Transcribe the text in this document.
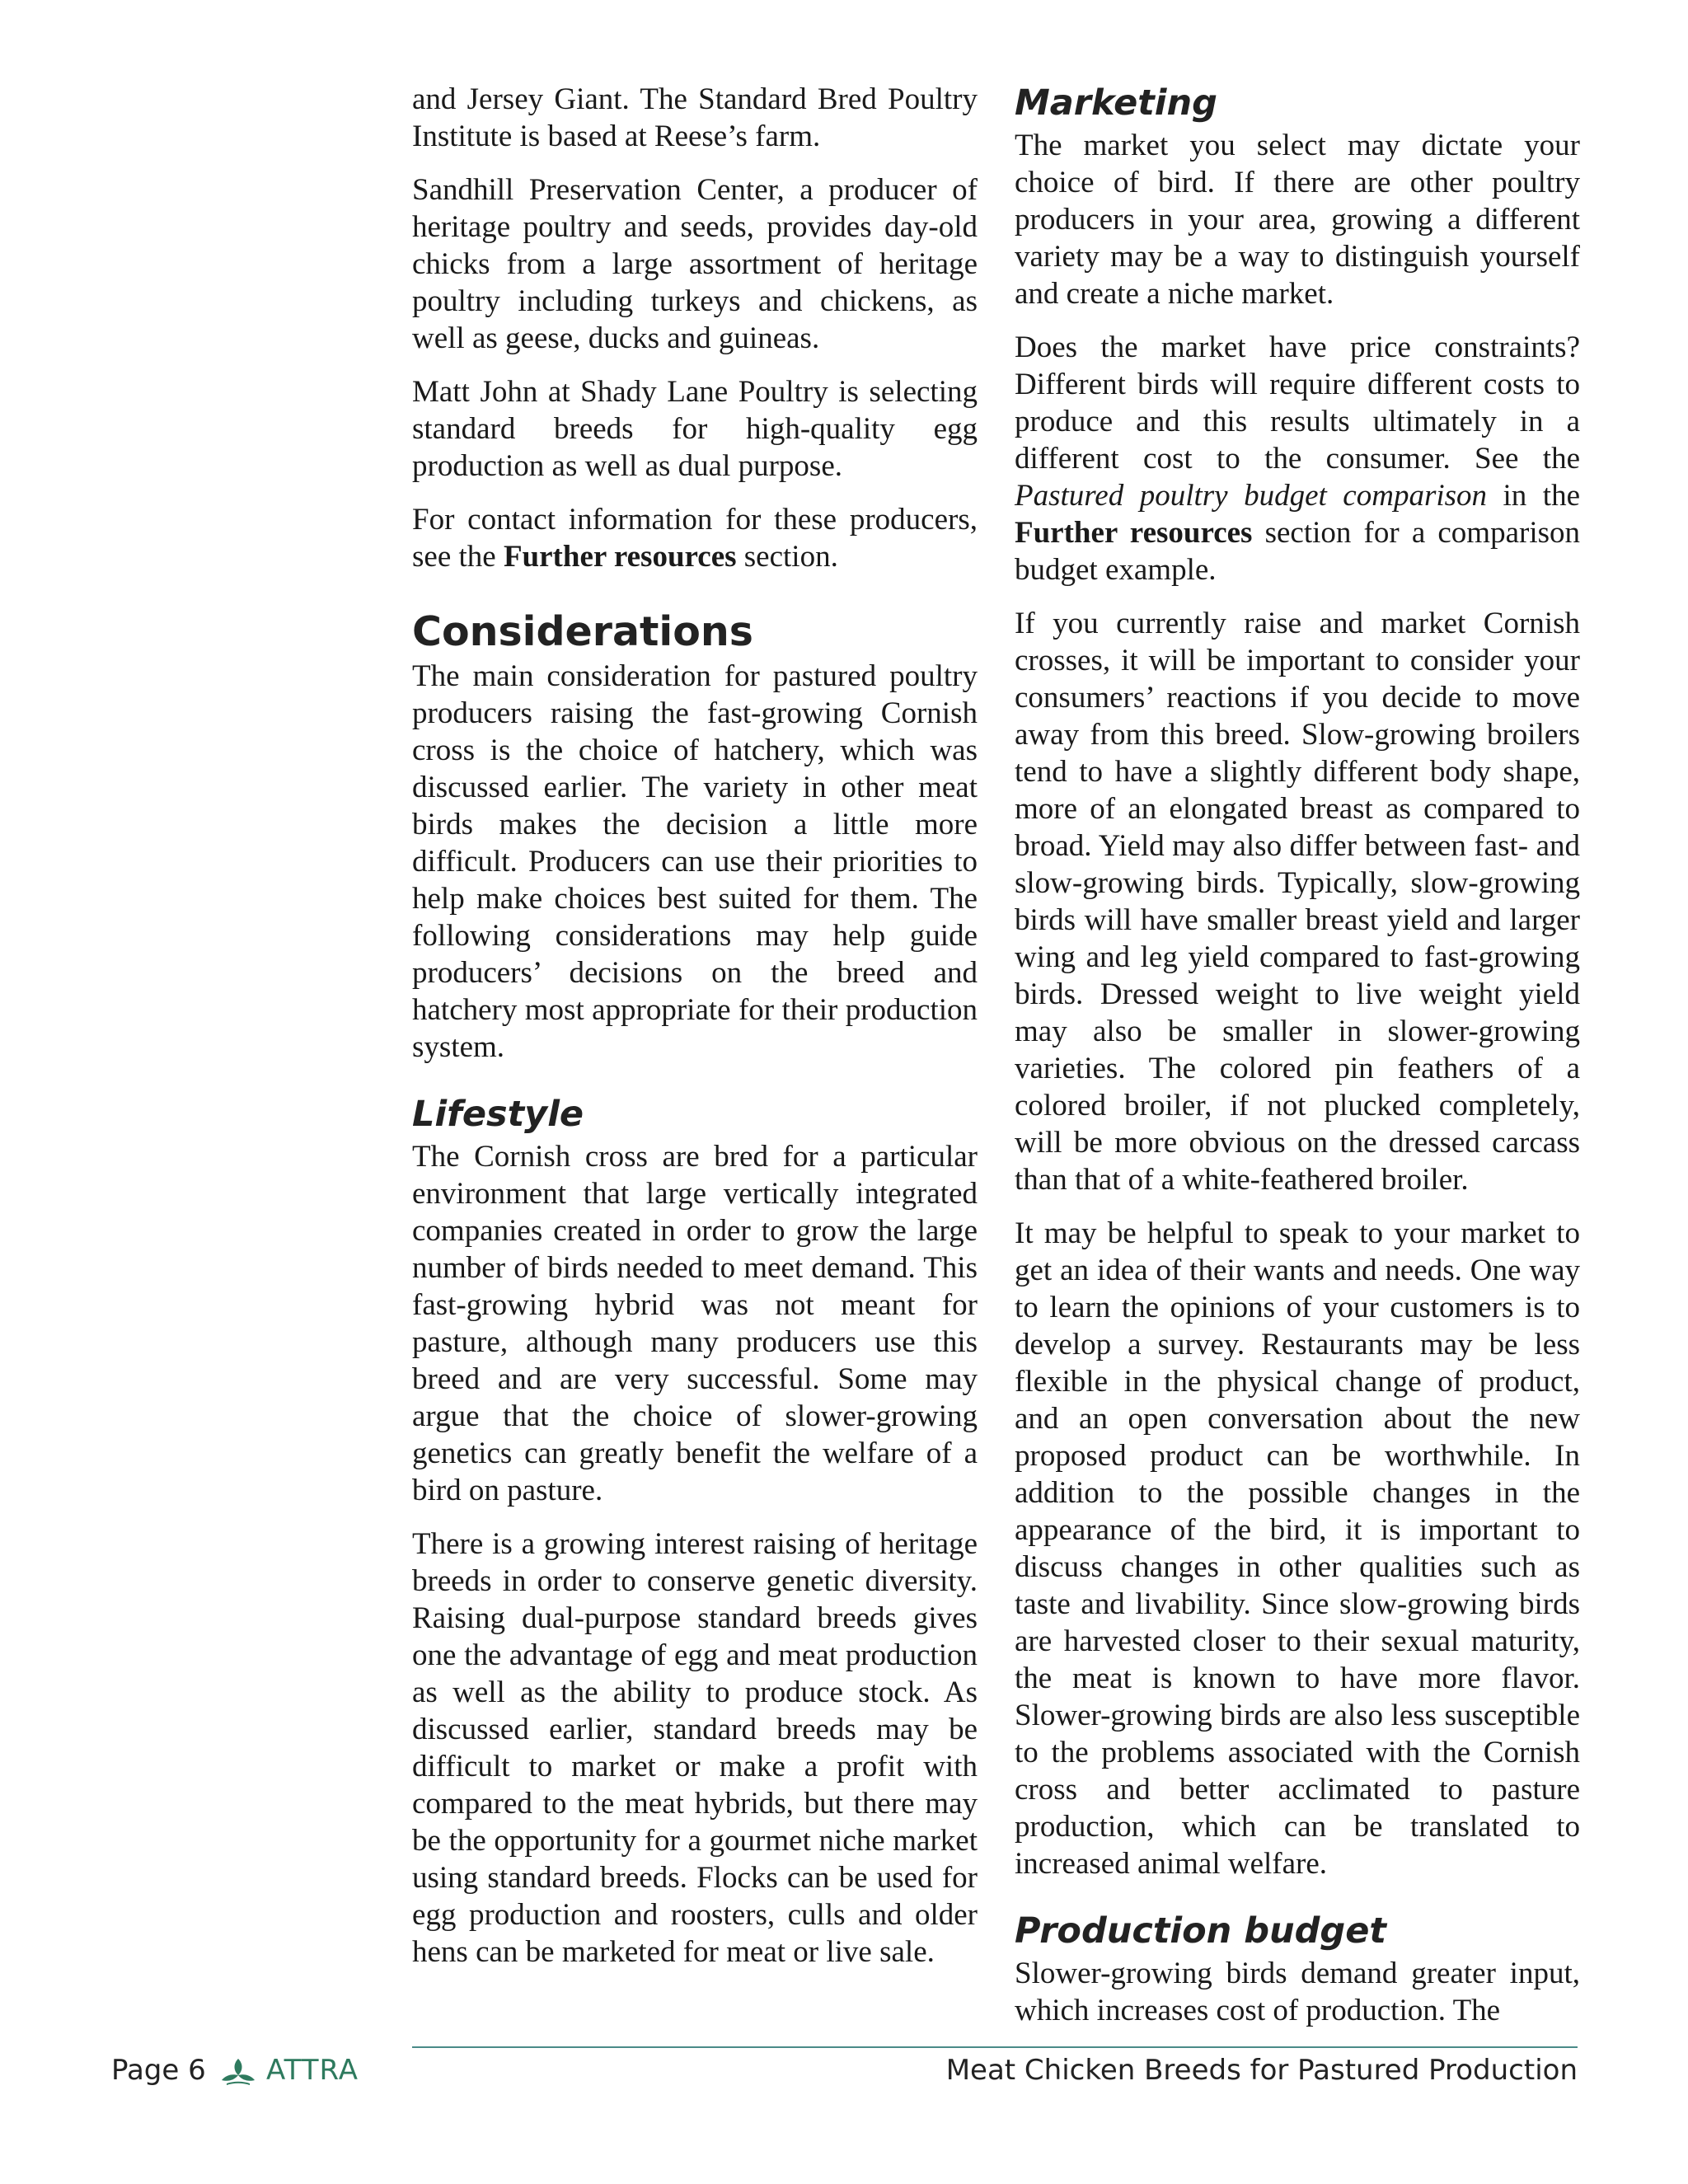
and Jersey Giant. The Standard Bred Poultry Institute is based at Reese’s farm.

Sandhill Preservation Center, a producer of heritage poultry and seeds, provides day-old chicks from a large assortment of heritage poultry including turkeys and chickens, as well as geese, ducks and guineas.

Matt John at Shady Lane Poultry is selecting standard breeds for high-quality egg production as well as dual purpose.

For contact information for these producers, see the Further resources section.

Considerations

The main consideration for pastured poultry producers raising the fast-growing Cornish cross is the choice of hatchery, which was discussed earlier. The variety in other meat birds makes the decision a little more difficult. Producers can use their priorities to help make choices best suited for them. The following considerations may help guide producers’ decisions on the breed and hatchery most appropriate for their production system.

Lifestyle

The Cornish cross are bred for a particular environment that large vertically integrated companies created in order to grow the large number of birds needed to meet demand. This fast-growing hybrid was not meant for pasture, although many producers use this breed and are very successful. Some may argue that the choice of slower-growing genetics can greatly benefit the welfare of a bird on pasture.

There is a growing interest raising of heritage breeds in order to conserve genetic diversity. Raising dual-purpose standard breeds gives one the advantage of egg and meat production as well as the ability to produce stock. As discussed earlier, standard breeds may be difficult to market or make a profit with compared to the meat hybrids, but there may be the opportunity for a gourmet niche market using standard breeds. Flocks can be used for egg production and roosters, culls and older hens can be marketed for meat or live sale.

Marketing

The market you select may dictate your choice of bird. If there are other poultry producers in your area, growing a different variety may be a way to distinguish yourself and create a niche market.

Does the market have price constraints? Different birds will require different costs to produce and this results ultimately in a different cost to the consumer. See the Pastured poultry budget comparison in the Further resources section for a comparison budget example.

If you currently raise and market Cornish crosses, it will be important to consider your consumers’ reactions if you decide to move away from this breed. Slow-growing broilers tend to have a slightly different body shape, more of an elongated breast as compared to broad. Yield may also differ between fast- and slow-growing birds. Typically, slow-growing birds will have smaller breast yield and larger wing and leg yield compared to fast-growing birds. Dressed weight to live weight yield may also be smaller in slower-growing varieties. The colored pin feathers of a colored broiler, if not plucked completely, will be more obvious on the dressed carcass than that of a white-feathered broiler.

It may be helpful to speak to your market to get an idea of their wants and needs. One way to learn the opinions of your customers is to develop a survey. Restaurants may be less flexible in the physical change of product, and an open conversation about the new proposed product can be worthwhile. In addition to the possible changes in the appearance of the bird, it is important to discuss changes in other qualities such as taste and livability. Since slow-growing birds are harvested closer to their sexual maturity, the meat is known to have more flavor. Slower-growing birds are also less susceptible to the problems associated with the Cornish cross and better acclimated to pasture production, which can be translated to increased animal welfare.

Production budget

Slower-growing birds demand greater input, which increases cost of production. The

Page 6 ATTRA	Meat Chicken Breeds for Pastured Production
